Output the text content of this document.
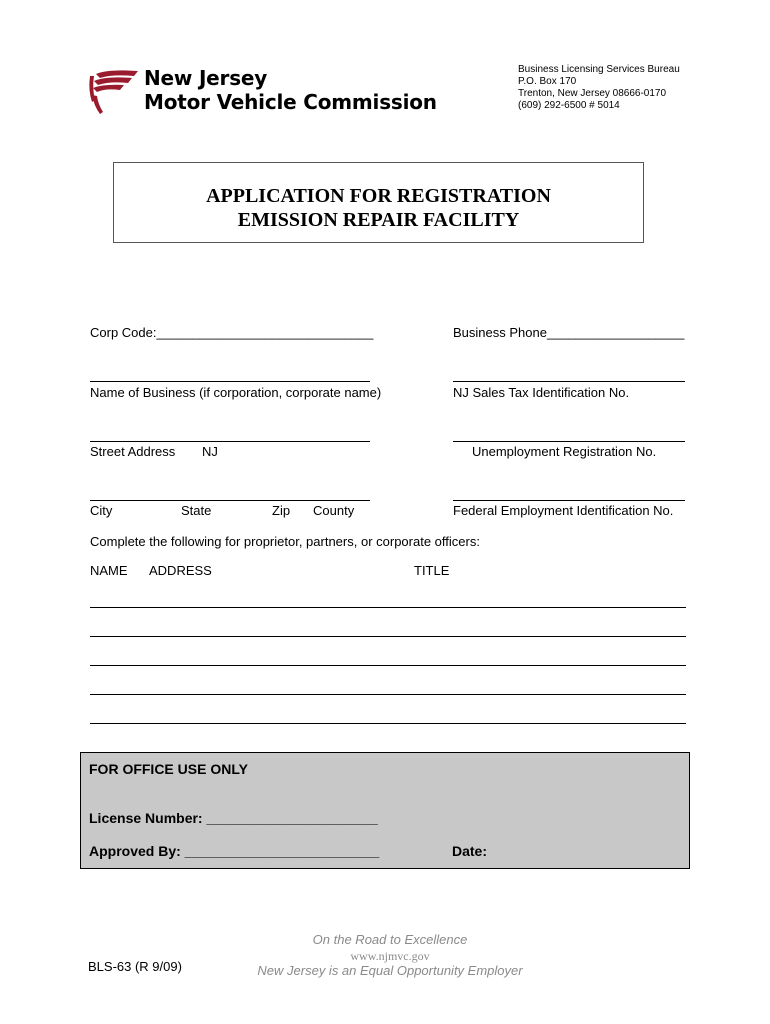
New Jersey
Motor Vehicle Commission
Business Licensing Services Bureau
P.O. Box 170
Trenton, New Jersey 08666-0170
(609) 292-6500 # 5014
APPLICATION FOR REGISTRATION
EMISSION REPAIR FACILITY
Corp Code:______________________________	Business Phone___________________
Name of Business (if corporation, corporate name)	NJ Sales Tax Identification No.
Street Address NJ	Unemployment Registration No.
City	State	Zip County	Federal Employment Identification No.
Complete the following for proprietor, partners, or corporate officers:
NAME ADDRESS	TITLE
FOR OFFICE USE ONLY
License Number: ______________________
Approved By: _________________________	Date:
BLS-63 (R 9/09)
On the Road to Excellence
www.njmvc.gov
New Jersey is an Equal Opportunity Employer
